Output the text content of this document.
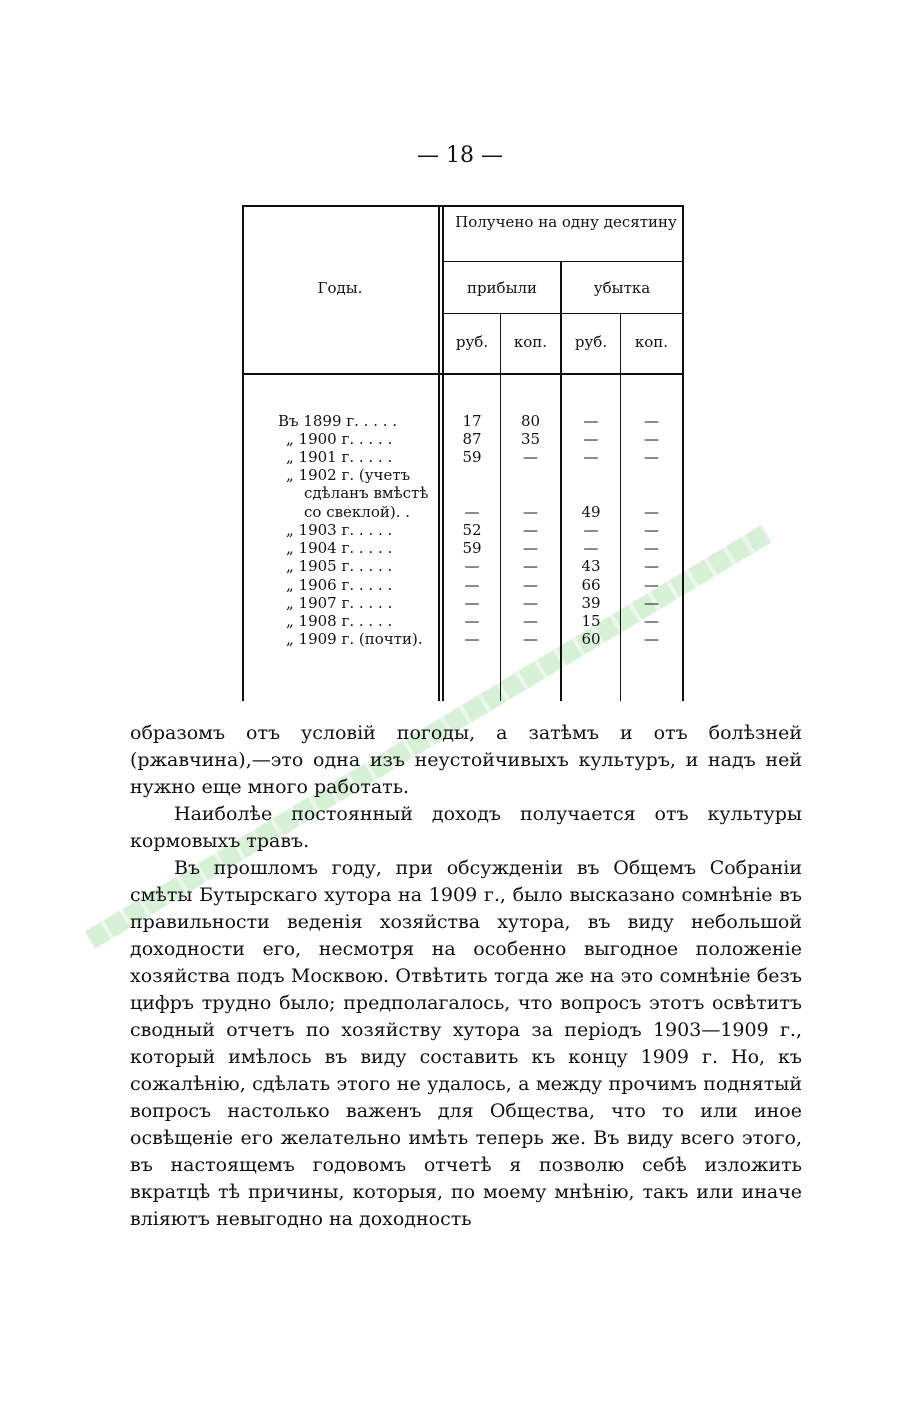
— 18 —
Получено на одну десятину
Годы.	прибыли	убытка
руб.	коп.	руб.	коп.
Въ 1899 г. . . . .	17	80	—	—
„ 1900 г. . . . .	87	35	—	—
„ 1901 г. . . . .	59	—	—	—
„ 1902 г. (учетъ
сдѣланъ вмѣстѣ
со свеклой). .	—	—	49	—
„ 1903 г. . . . .	52	—	—	—
„ 1904 г. . . . .	59	—	—	—
„ 1905 г. . . . .	—	—	43	—
„ 1906 г. . . . .	—	—	66	—
„ 1907 г. . . . .	—	—	39	—
„ 1908 г. . . . .	—	—	15	—
„ 1909 г. (почти).	—	—	60	—

образомъ отъ условій погоды, а затѣмъ и отъ болѣзней (ржавчина),—это одна изъ неустойчивыхъ культуръ, и надъ ней нужно еще много работать.

Наиболѣе постоянный доходъ получается отъ культуры кормовыхъ травъ.

Въ прошломъ году, при обсужденіи въ Общемъ Собраніи смѣты Бутырскаго хутора на 1909 г., было высказано сомнѣніе въ правильности веденія хозяйства хутора, въ виду небольшой доходности его, несмотря на особенно выгодное положеніе хозяйства подъ Москвою. Отвѣтить тогда же на это сомнѣніе безъ цифръ трудно было; предполагалось, что вопросъ этотъ освѣтитъ сводный отчетъ по хозяйству хутора за періодъ 1903—1909 г., который имѣлось въ виду составить къ концу 1909 г. Но, къ сожалѣнію, сдѣлать этого не удалось, а между прочимъ поднятый вопросъ настолько важенъ для Общества, что то или иное освѣщеніе его желательно имѣть теперь же. Въ виду всего этого, въ настоящемъ годовомъ отчетѣ я позволю себѣ изложить вкратцѣ тѣ причины, которыя, по моему мнѣнію, такъ или иначе вліяютъ невыгодно на доходность
